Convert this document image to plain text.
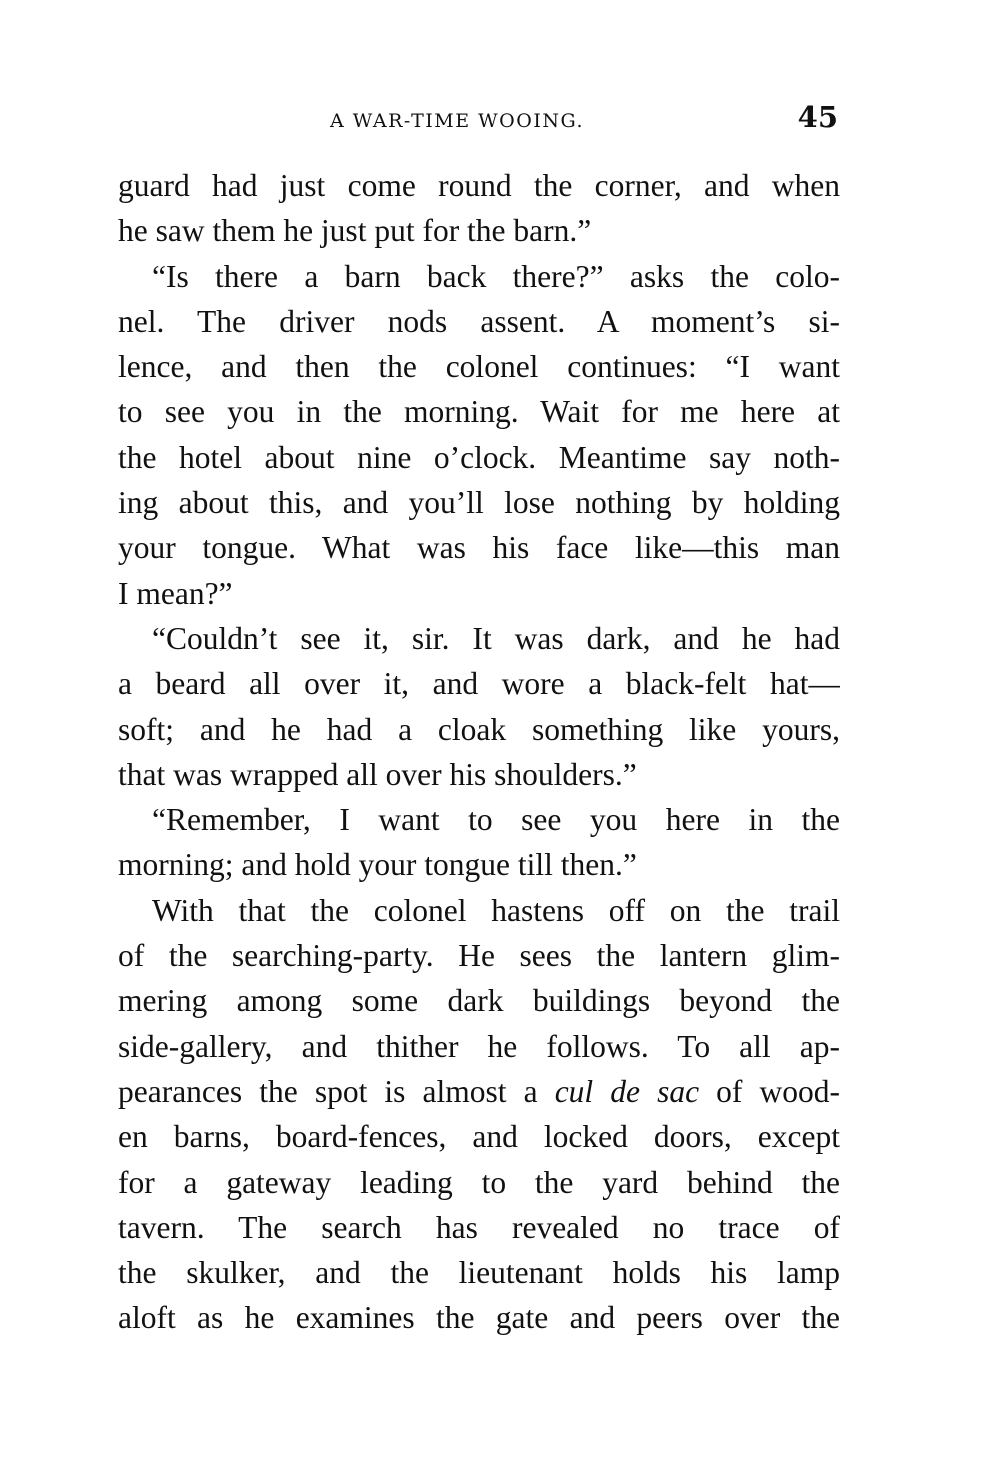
A WAR-TIME WOOING.	45
guard had just come round the corner, and when
he saw them he just put for the barn.”
“Is there a barn back there?” asks the colo-
nel. The driver nods assent. A moment’s si-
lence, and then the colonel continues: “I want
to see you in the morning. Wait for me here at
the hotel about nine o’clock. Meantime say noth-
ing about this, and you’ll lose nothing by holding
your tongue. What was his face like—this man
I mean?”
“Couldn’t see it, sir. It was dark, and he had
a beard all over it, and wore a black-felt hat—
soft; and he had a cloak something like yours,
that was wrapped all over his shoulders.”
“Remember, I want to see you here in the
morning; and hold your tongue till then.”
With that the colonel hastens off on the trail
of the searching-party. He sees the lantern glim-
mering among some dark buildings beyond the
side-gallery, and thither he follows. To all ap-
pearances the spot is almost a cul de sac of wood-
en barns, board-fences, and locked doors, except
for a gateway leading to the yard behind the
tavern. The search has revealed no trace of
the skulker, and the lieutenant holds his lamp
aloft as he examines the gate and peers over the
